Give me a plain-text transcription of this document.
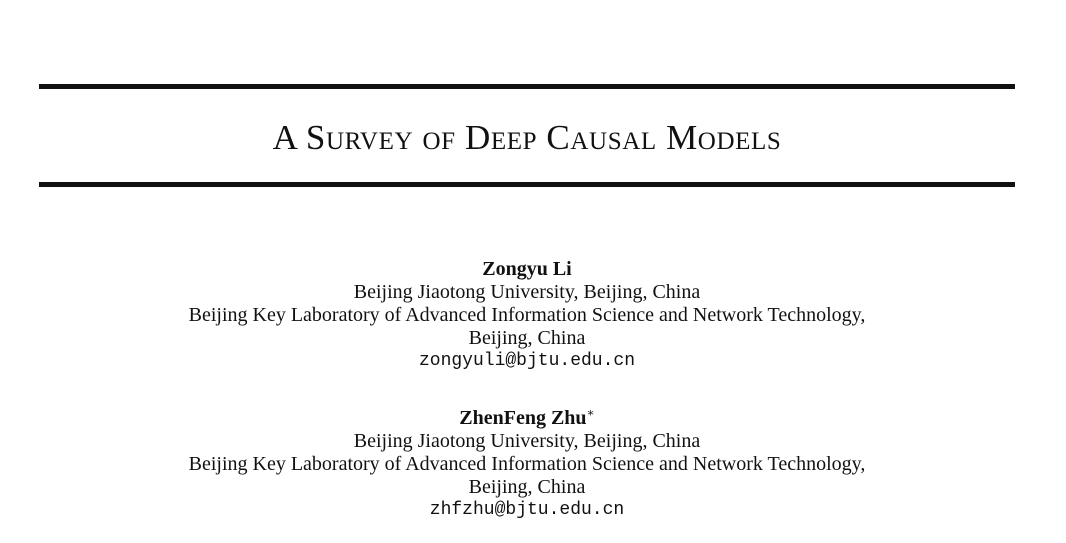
A Survey of Deep Causal Models
Zongyu Li
Beijing Jiaotong University, Beijing, China
Beijing Key Laboratory of Advanced Information Science and Network Technology,
Beijing, China
zongyuli@bjtu.edu.cn
ZhenFeng Zhu∗
Beijing Jiaotong University, Beijing, China
Beijing Key Laboratory of Advanced Information Science and Network Technology,
Beijing, China
zhfzhu@bjtu.edu.cn
